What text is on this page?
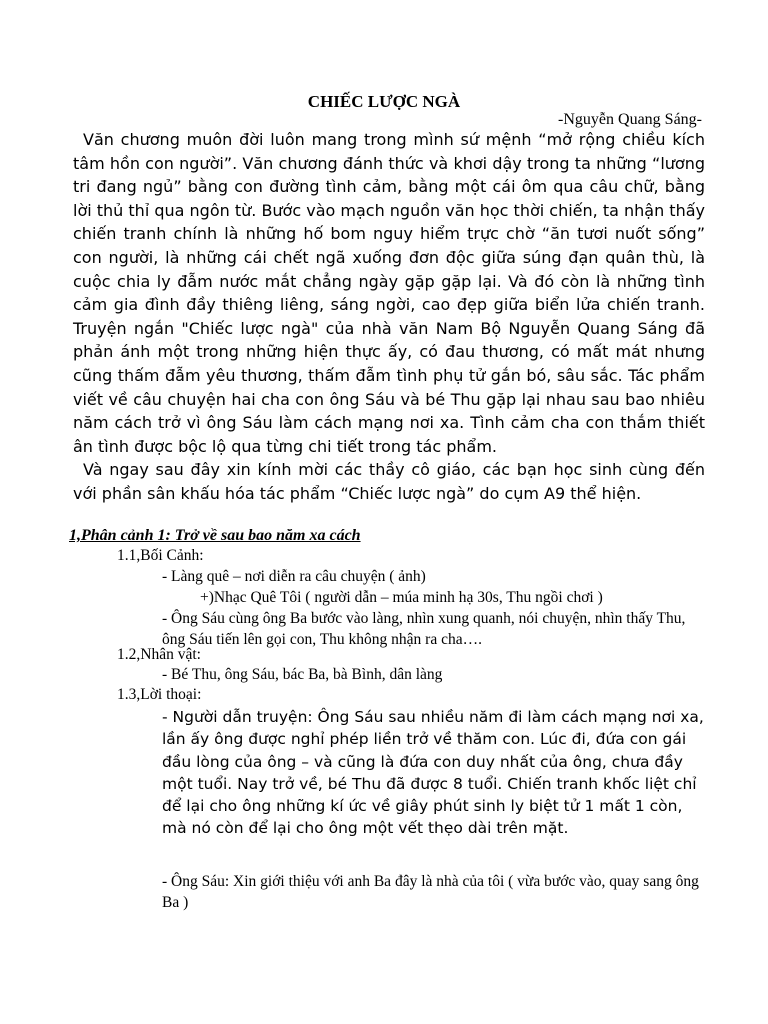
CHIẾC LƯỢC NGÀ
-Nguyễn Quang Sáng-

Văn chương muôn đời luôn mang trong mình sứ mệnh “mở rộng chiều kích tâm hồn con người”. Văn chương đánh thức và khơi dậy trong ta những “lương tri đang ngủ” bằng con đường tình cảm, bằng một cái ôm qua câu chữ, bằng lời thủ thỉ qua ngôn từ. Bước vào mạch nguồn văn học thời chiến, ta nhận thấy chiến tranh chính là những hố bom nguy hiểm trực chờ “ăn tươi nuốt sống” con người, là những cái chết ngã xuống đơn độc giữa súng đạn quân thù, là cuộc chia ly đẫm nước mắt chẳng ngày gặp gặp lại. Và đó còn là những tình cảm gia đình đầy thiêng liêng, sáng ngời, cao đẹp giữa biển lửa chiến tranh. Truyện ngắn "Chiếc lược ngà" của nhà văn Nam Bộ Nguyễn Quang Sáng đã phản ánh một trong những hiện thực ấy, có đau thương, có mất mát nhưng cũng thấm đẫm yêu thương, thấm đẫm tình phụ tử gắn bó, sâu sắc. Tác phẩm viết về câu chuyện hai cha con ông Sáu và bé Thu gặp lại nhau sau bao nhiêu năm cách trở vì ông Sáu làm cách mạng nơi xa. Tình cảm cha con thắm thiết ân tình được bộc lộ qua từng chi tiết trong tác phẩm.

Và ngay sau đây xin kính mời các thầy cô giáo, các bạn học sinh cùng đến với phần sân khấu hóa tác phẩm “Chiếc lược ngà” do cụm A9 thể hiện.

1,Phân cảnh 1: Trở về sau bao năm xa cách
1.1,Bối Cảnh:

- Làng quê – nơi diễn ra câu chuyện ( ảnh)

+)Nhạc Quê Tôi ( người dẫn – múa minh hạ 30s, Thu ngồi chơi )

- Ông Sáu cùng ông Ba bước vào làng, nhìn xung quanh, nói chuyện, nhìn thấy Thu, ông Sáu tiến lên gọi con, Thu không nhận ra cha….

1.2,Nhân vật:

- Bé Thu, ông Sáu, bác Ba, bà Bình, dân làng

1.3,Lời thoại:

- Người dẫn truyện: Ông Sáu sau nhiều năm đi làm cách mạng nơi xa, lần ấy ông được nghỉ phép liền trở về thăm con. Lúc đi, đứa con gái đầu lòng của ông – và cũng là đứa con duy nhất của ông, chưa đầy một tuổi. Nay trở về, bé Thu đã được 8 tuổi. Chiến tranh khốc liệt chỉ để lại cho ông những kí ức về giây phút sinh ly biệt tử 1 mất 1 còn, mà nó còn để lại cho ông một vết thẹo dài trên mặt.

- Ông Sáu: Xin giới thiệu với anh Ba đây là nhà của tôi ( vừa bước vào, quay sang ông Ba )
